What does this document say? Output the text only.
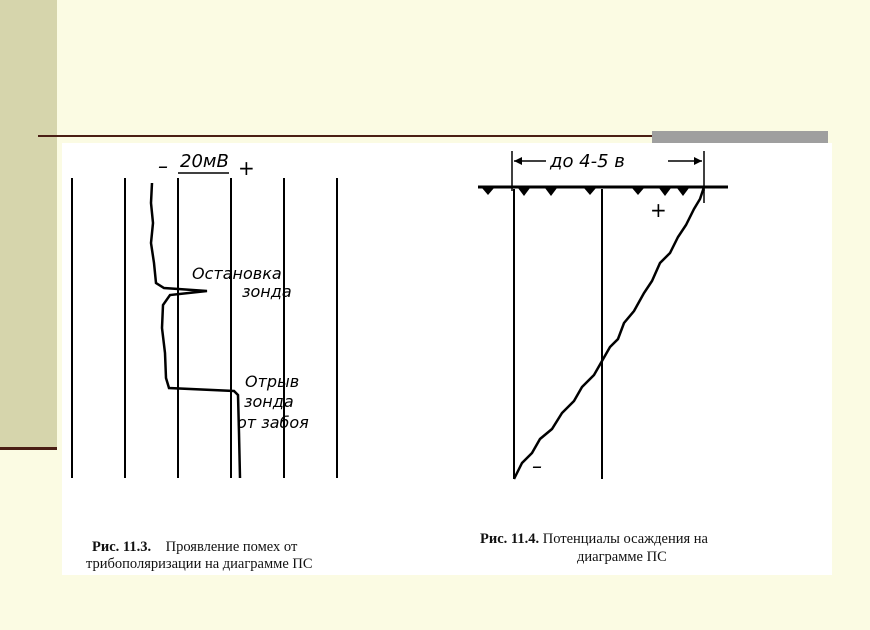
– 20мВ +
Остановка
зонда
Отрыв
зонда
от забоя
до 4-5 в
+
–
Рис. 11.3. Проявление помех от
трибополяризации на диаграмме ПС
Рис. 11.4. Потенциалы осаждения на
диаграмме ПС
